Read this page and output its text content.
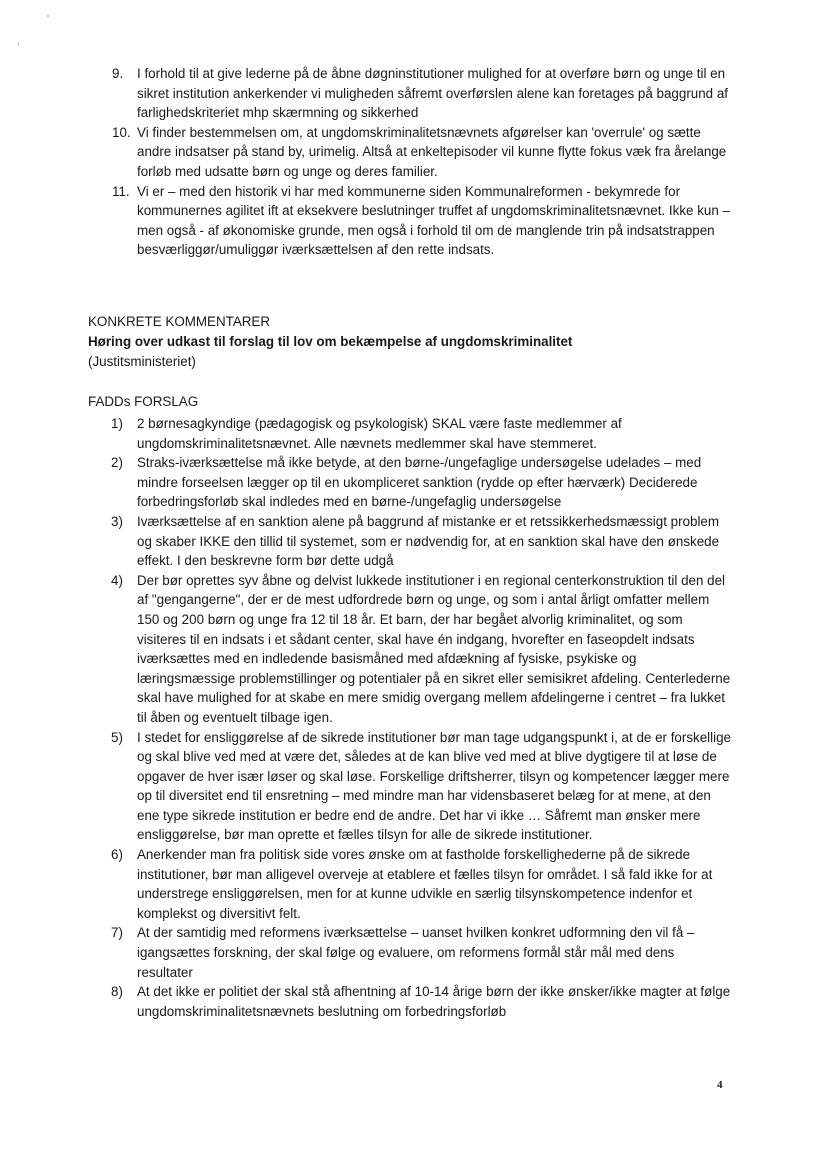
9.	I forhold til at give lederne på de åbne døgninstitutioner mulighed for at overføre børn og unge til en sikret institution ankerkender vi muligheden såfremt overførslen alene kan foretages på baggrund af farlighedskriteriet mhp skærmning og sikkerhed
10. Vi finder bestemmelsen om, at ungdomskriminalitetsnævnets afgørelser kan 'overrule' og sætte andre indsatser på stand by, urimelig. Altså at enkeltepisoder vil kunne flytte fokus væk fra årelange forløb med udsatte børn og unge og deres familier.
11. Vi er – med den historik vi har med kommunerne siden Kommunalreformen - bekymrede for kommunernes agilitet ift at eksekvere beslutninger truffet af ungdomskriminalitetsnævnet. Ikke kun – men også - af økonomiske grunde, men også i forhold til om de manglende trin på indsatstrappen besværliggør/umuliggør iværksættelsen af den rette indsats.
KONKRETE KOMMENTARER
Høring over udkast til forslag til lov om bekæmpelse af ungdomskriminalitet
(Justitsministeriet)
FADDs FORSLAG
1)	2 børnesagkyndige (pædagogisk og psykologisk) SKAL være faste medlemmer af ungdomskriminalitetsnævnet. Alle nævnets medlemmer skal have stemmeret.
2)	Straks-iværksættelse må ikke betyde, at den børne-/ungefaglige undersøgelse udelades – med mindre forseelsen lægger op til en ukompliceret sanktion (rydde op efter hærværk) Deciderede forbedringsforløb skal indledes med en børne-/ungefaglig undersøgelse
3)	Iværksættelse af en sanktion alene på baggrund af mistanke er et retssikkerhedsmæssigt problem og skaber IKKE den tillid til systemet, som er nødvendig for, at en sanktion skal have den ønskede effekt. I den beskrevne form bør dette udgå
4)	Der bør oprettes syv åbne og delvist lukkede institutioner i en regional centerkonstruktion til den del af "gengangerne", der er de mest udfordrede børn og unge, og som i antal årligt omfatter mellem 150 og 200 børn og unge fra 12 til 18 år. Et barn, der har begået alvorlig kriminalitet, og som visiteres til en indsats i et sådant center, skal have én indgang, hvorefter en faseopdelt indsats iværksættes med en indledende basismåned med afdækning af fysiske, psykiske og læringsmæssige problemstillinger og potentialer på en sikret eller semisikret afdeling. Centerlederne skal have mulighed for at skabe en mere smidig overgang mellem afdelingerne i centret – fra lukket til åben og eventuelt tilbage igen.
5)	I stedet for ensliggørelse af de sikrede institutioner bør man tage udgangspunkt i, at de er forskellige og skal blive ved med at være det, således at de kan blive ved med at blive dygtigere til at løse de opgaver de hver især løser og skal løse. Forskellige driftsherrer, tilsyn og kompetencer lægger mere op til diversitet end til ensretning – med mindre man har vidensbaseret belæg for at mene, at den ene type sikrede institution er bedre end de andre. Det har vi ikke … Såfremt man ønsker mere ensliggørelse, bør man oprette et fælles tilsyn for alle de sikrede institutioner.
6)	Anerkender man fra politisk side vores ønske om at fastholde forskellighederne på de sikrede institutioner, bør man alligevel overveje at etablere et fælles tilsyn for området. I så fald ikke for at understrege ensliggørelsen, men for at kunne udvikle en særlig tilsynskompetence indenfor et komplekst og diversitivt felt.
7)	At der samtidig med reformens iværksættelse – uanset hvilken konkret udformning den vil få – igangsættes forskning, der skal følge og evaluere, om reformens formål står mål med dens resultater
8)	At det ikke er politiet der skal stå afhentning af 10-14 årige børn der ikke ønsker/ikke magter at følge ungdomskriminalitetsnævnets beslutning om forbedringsforløb
4
